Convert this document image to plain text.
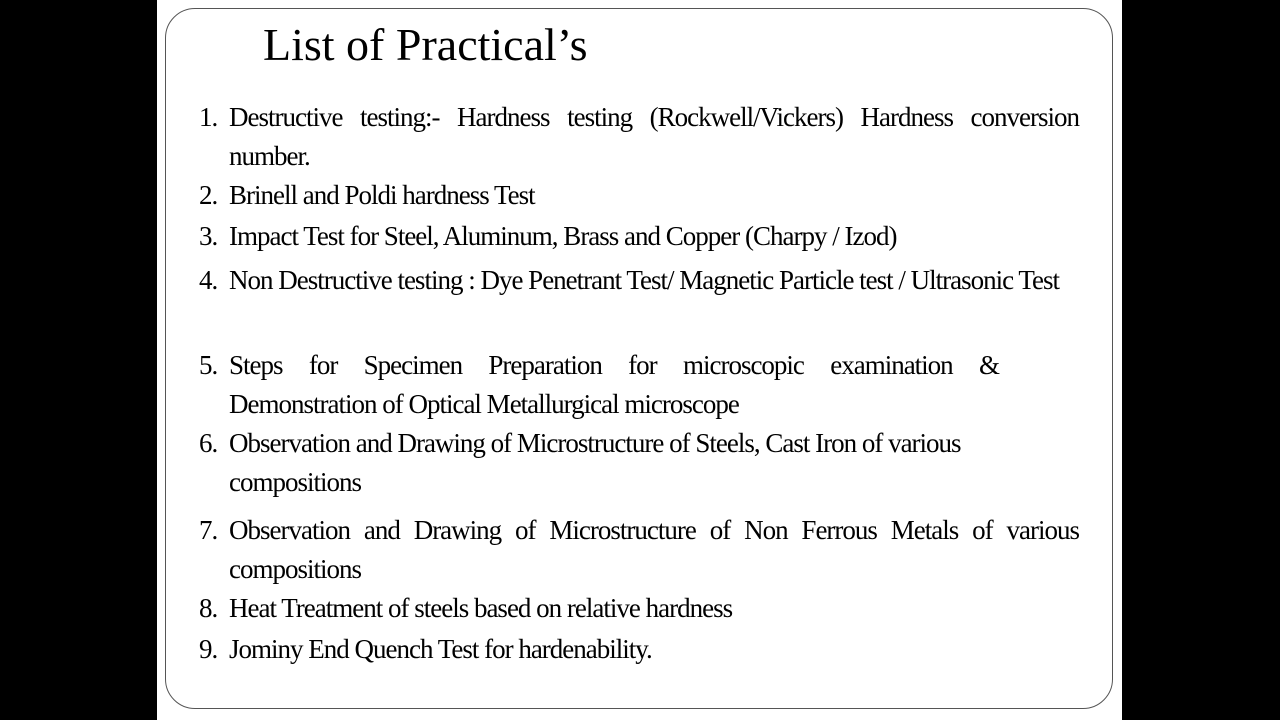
List of Practical’s
1. Destructive testing:- Hardness testing (Rockwell/Vickers) Hardness conversion number.
2. Brinell and Poldi hardness Test
3. Impact Test for Steel, Aluminum, Brass and Copper (Charpy / Izod)
4. Non Destructive testing : Dye Penetrant Test/ Magnetic Particle test / Ultrasonic Test
5. Steps for Specimen Preparation for microscopic examination & Demonstration of Optical Metallurgical microscope
6. Observation and Drawing of Microstructure of Steels, Cast Iron of various compositions
7. Observation and Drawing of Microstructure of Non Ferrous Metals of various compositions
8. Heat Treatment of steels based on relative hardness
9. Jominy End Quench Test for hardenability.
